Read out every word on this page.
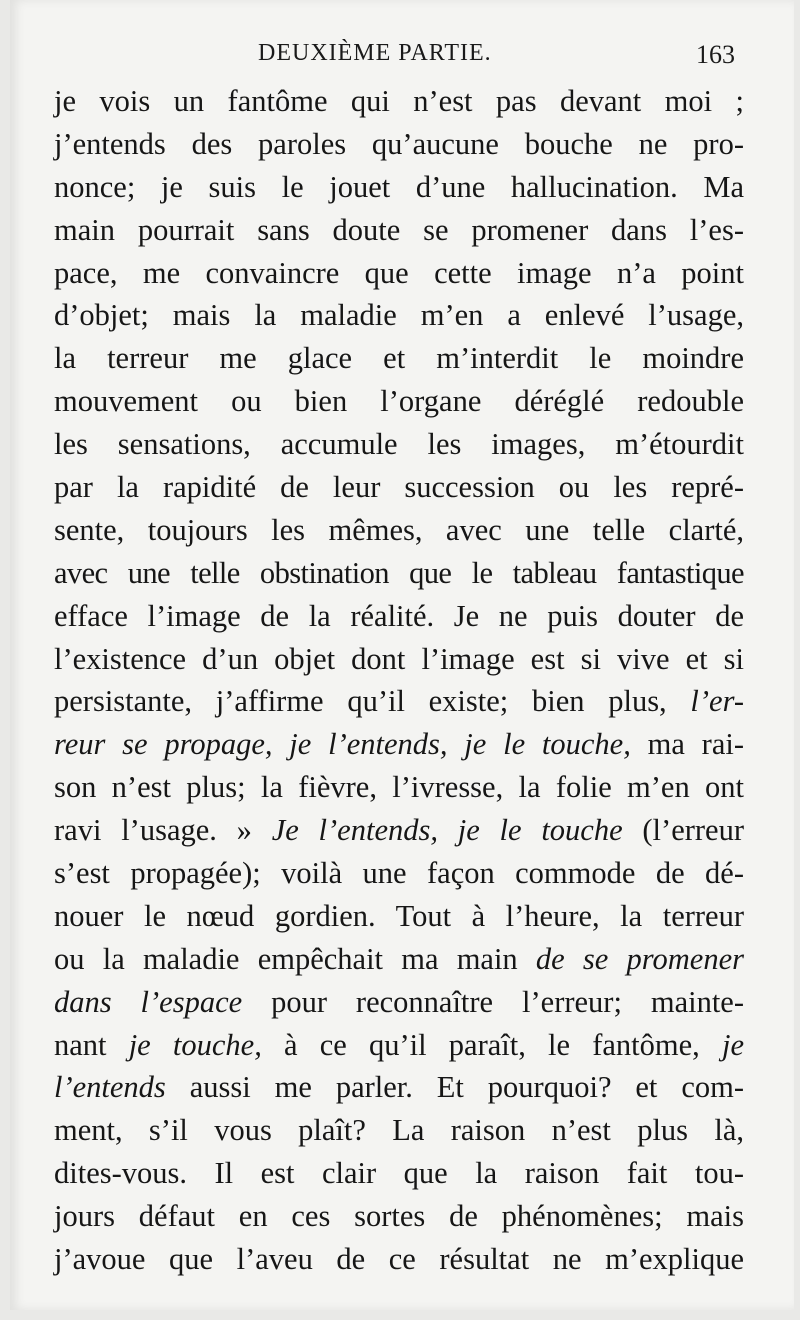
DEUXIÈME PARTIE.	163
je vois un fantôme qui n’est pas devant moi ;
j’entends des paroles qu’aucune bouche ne pro-
nonce; je suis le jouet d’une hallucination. Ma
main pourrait sans doute se promener dans l’es-
pace, me convaincre que cette image n’a point
d’objet; mais la maladie m’en a enlevé l’usage,
la terreur me glace et m’interdit le moindre
mouvement ou bien l’organe déréglé redouble
les sensations, accumule les images, m’étourdit
par la rapidité de leur succession ou les repré-
sente, toujours les mêmes, avec une telle clarté,
avec une telle obstination que le tableau fantastique
efface l’image de la réalité. Je ne puis douter de
l’existence d’un objet dont l’image est si vive et si
persistante, j’affirme qu’il existe; bien plus, l’er-
reur se propage, je l’entends, je le touche, ma rai-
son n’est plus; la fièvre, l’ivresse, la folie m’en ont
ravi l’usage. » Je l’entends, je le touche (l’erreur
s’est propagée); voilà une façon commode de dé-
nouer le nœud gordien. Tout à l’heure, la terreur
ou la maladie empêchait ma main de se promener
dans l’espace pour reconnaître l’erreur; mainte-
nant je touche, à ce qu’il paraît, le fantôme, je
l’entends aussi me parler. Et pourquoi? et com-
ment, s’il vous plaît? La raison n’est plus là,
dites-vous. Il est clair que la raison fait tou-
jours défaut en ces sortes de phénomènes; mais
j’avoue que l’aveu de ce résultat ne m’explique
